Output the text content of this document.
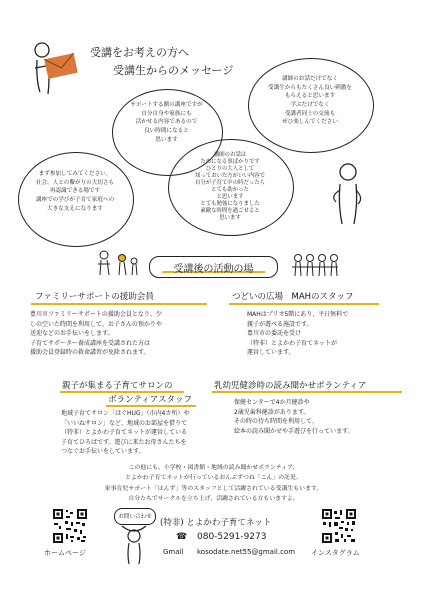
受講をお考えの方へ
受講生からのメッセージ
サポートする側の講座ですが
自分自身や家族にも
活かせる内容であるので
良い時間になると
思います
講師のお話だけでなく
受講生からもたくさん良い刺激を
もらえると思います
学ぶだけでなく
受講者同士の交流も
ぜひ楽しんでください
まず参加してみてください。
社会、人との繋がりの大切さも
再認識できる場です
講座での学びが子育て家庭への
大きな支えになります
講師のお話は
ためになる事ばかりです
ひとりの大人として
知っておいた方がいい内容で
自分が子育て中の時だったら
とても助かった
と思います
とても勉強になりました
素敵な時間を過ごせると
思います
受講後の活動の場
ファミリーサポートの援助会員
豊川市ファミリーサポートの援助会員となり、少
しの空いた時間を利用して、お子さんの預かりや
送迎などのお手伝いをします。
子育てサポーター養成講座を受講された方は
援助会員登録時の救命講習が免除されます。
つどいの広場　MAHのスタッフ
MAHはプリオ5階にあり、平日無料で
親子が遊べる施設です。
豊川市の委託を受け
（特非）とよかわ子育てネットが
運営しています。
親子が集まる子育てサロンの
ボランティアスタッフ
地域子育てサロン「はぐHUG」（市内4カ所）や
「いいねサロン」など、地域のお部屋を借りて
（特非）とよかわ子育てネットが運営している
子育てひろばです。遊びに来たお母さんたちを
つなぐお手伝いをしています。
乳幼児健診時の読み聞かせボランティア
保健センターで4か月健診や
2歳児歯科健診があります。
その時の待ち時間を利用して、
絵本の読み聞かせや手遊びを行っています。
この他にも、小学校・図書館・地域の読み聞かせボランティア、
とよかわ子育てネットが行っているおんぶずつね「こん」の託児、
家事育児サポート「はんず」等のスタッフとして活躍されている受講生もいます。
自分たちでサークルを立ち上げ、活躍されている方もいますよ。
ホームページ
お問い合わせ
(特非) とよかわ子育てネット
☎ 080-5291-9273
Gmail kosodate.net55@gmail.com インスタグラム
